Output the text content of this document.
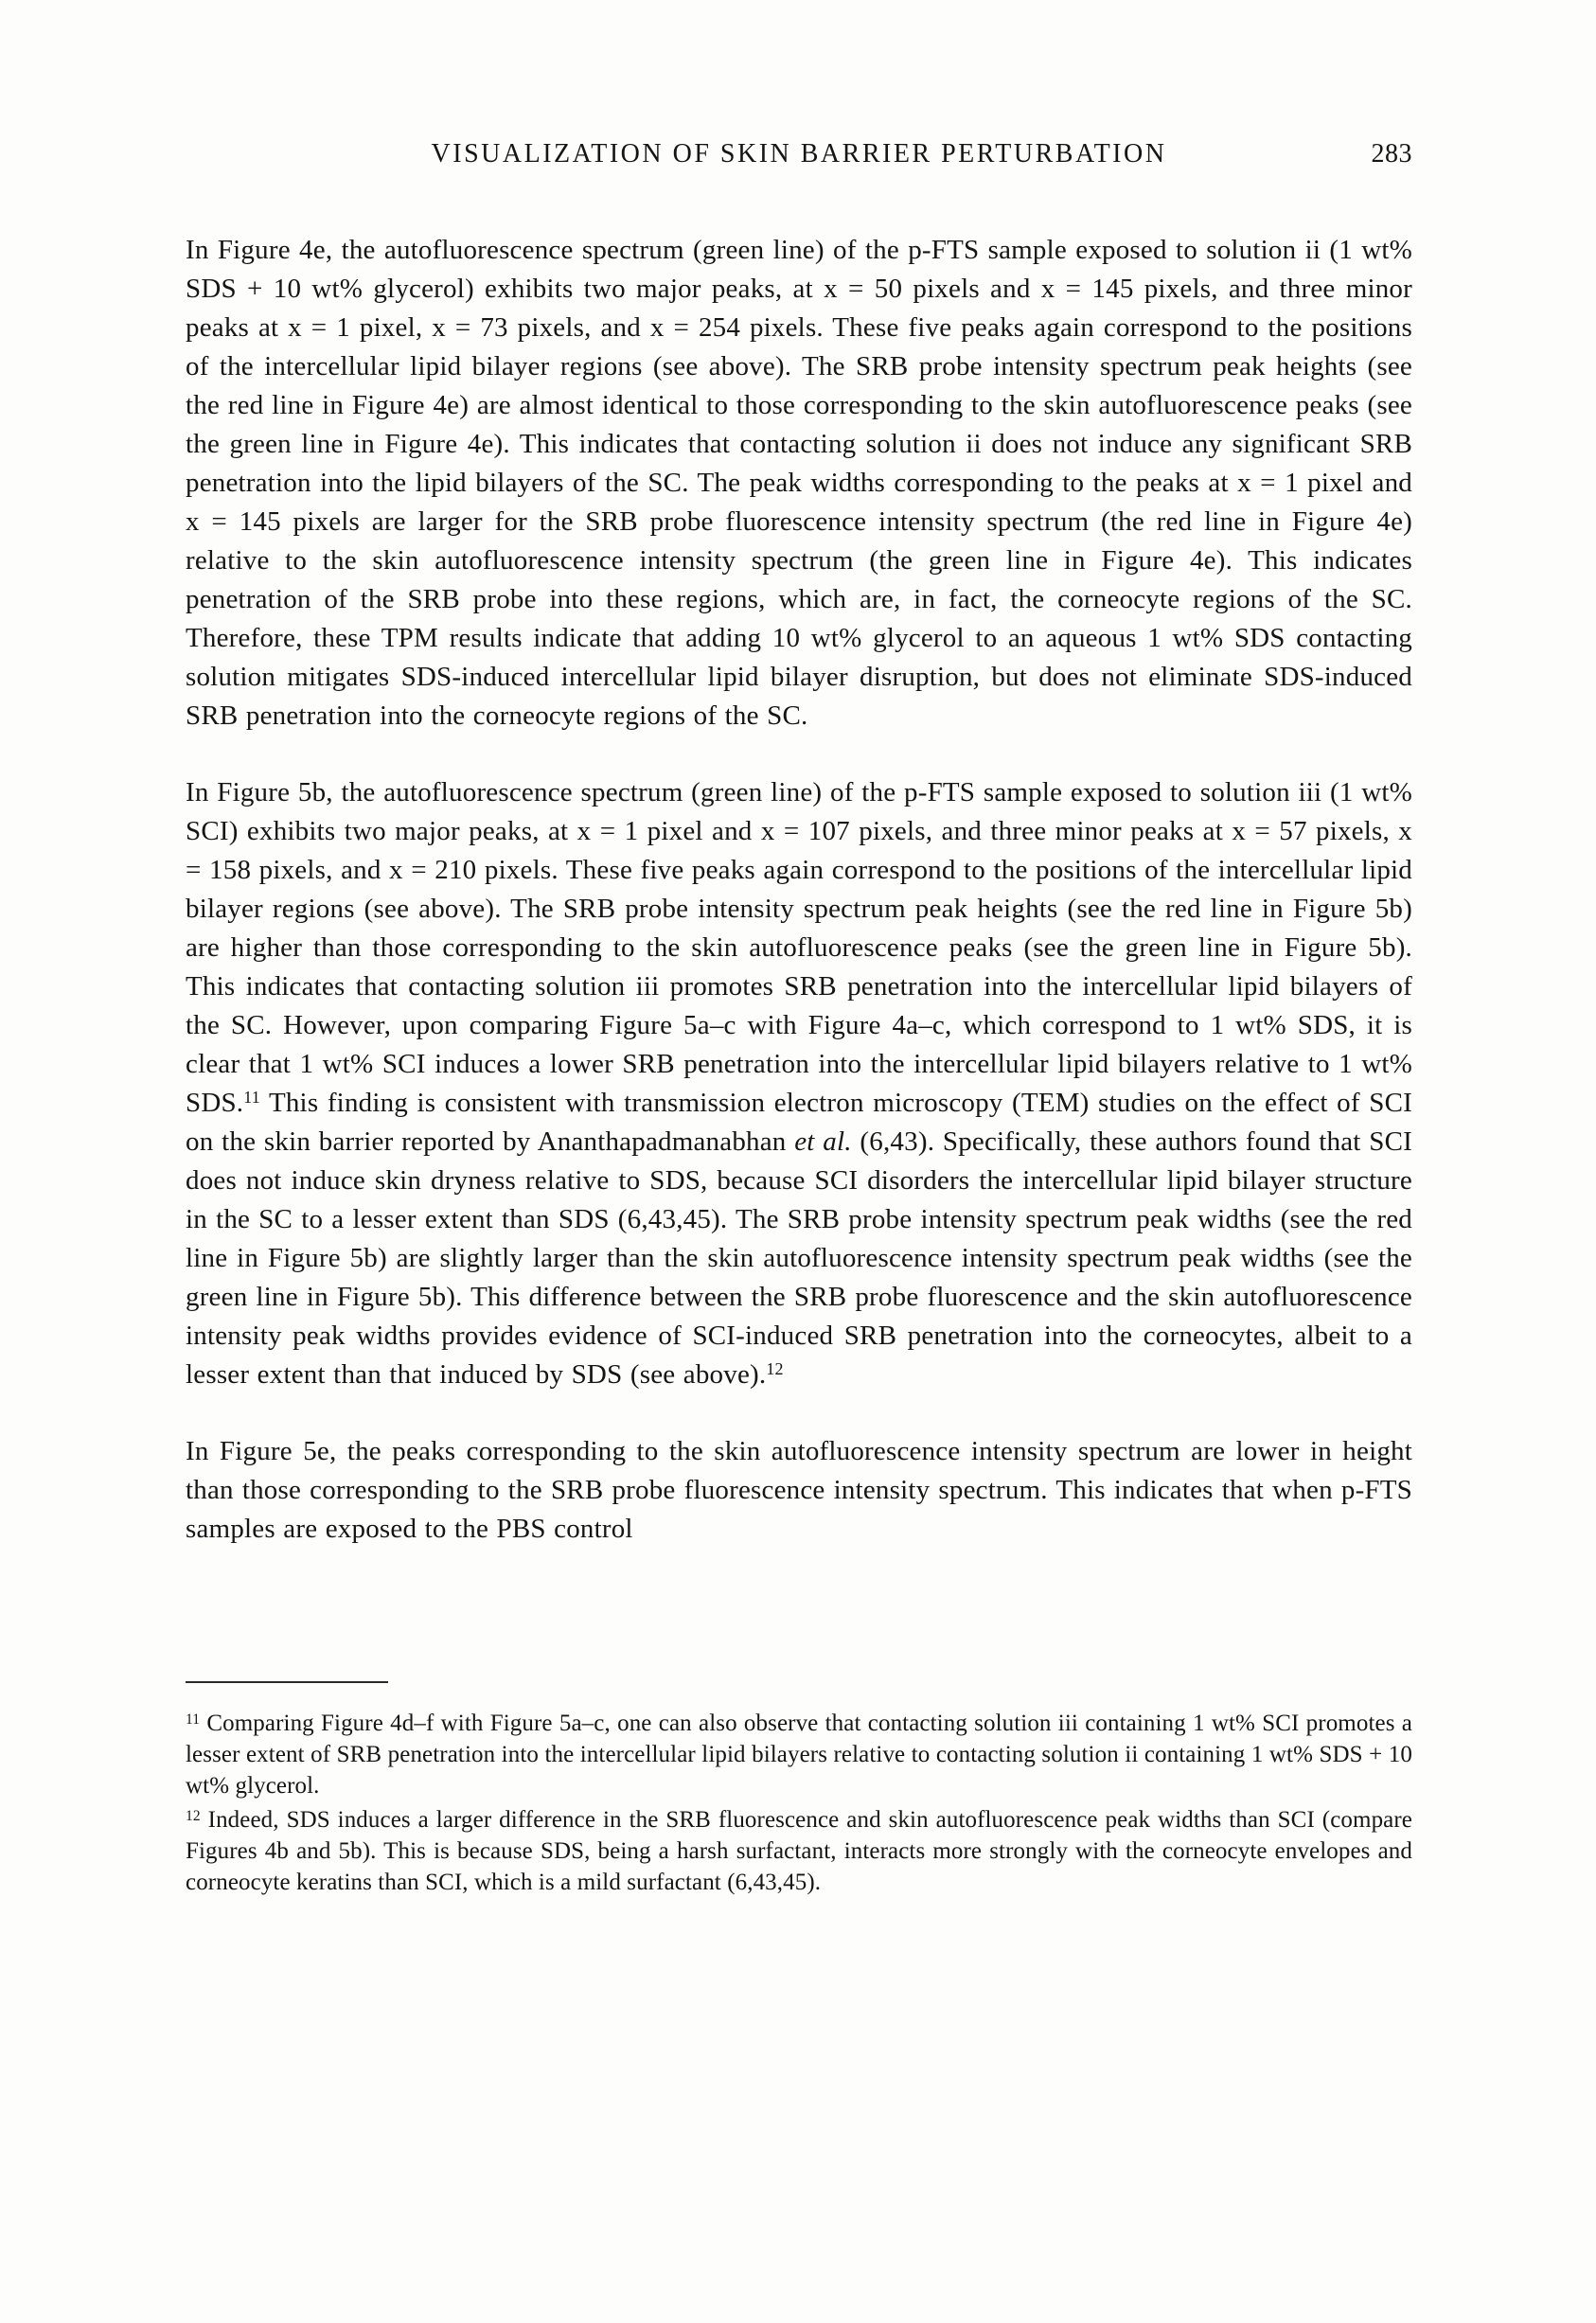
VISUALIZATION OF SKIN BARRIER PERTURBATION	283

In Figure 4e, the autofluorescence spectrum (green line) of the p-FTS sample exposed to solution ii (1 wt% SDS + 10 wt% glycerol) exhibits two major peaks, at x = 50 pixels and x = 145 pixels, and three minor peaks at x = 1 pixel, x = 73 pixels, and x = 254 pixels. These five peaks again correspond to the positions of the intercellular lipid bilayer regions (see above). The SRB probe intensity spectrum peak heights (see the red line in Figure 4e) are almost identical to those corresponding to the skin autofluorescence peaks (see the green line in Figure 4e). This indicates that contacting solution ii does not induce any significant SRB penetration into the lipid bilayers of the SC. The peak widths corresponding to the peaks at x = 1 pixel and x = 145 pixels are larger for the SRB probe fluorescence intensity spectrum (the red line in Figure 4e) relative to the skin autofluorescence intensity spectrum (the green line in Figure 4e). This indicates penetration of the SRB probe into these regions, which are, in fact, the corneocyte regions of the SC. Therefore, these TPM results indicate that adding 10 wt% glycerol to an aqueous 1 wt% SDS contacting solution mitigates SDS-induced intercellular lipid bilayer disruption, but does not eliminate SDS-induced SRB penetration into the corneocyte regions of the SC.

In Figure 5b, the autofluorescence spectrum (green line) of the p-FTS sample exposed to solution iii (1 wt% SCI) exhibits two major peaks, at x = 1 pixel and x = 107 pixels, and three minor peaks at x = 57 pixels, x = 158 pixels, and x = 210 pixels. These five peaks again correspond to the positions of the intercellular lipid bilayer regions (see above). The SRB probe intensity spectrum peak heights (see the red line in Figure 5b) are higher than those corresponding to the skin autofluorescence peaks (see the green line in Figure 5b). This indicates that contacting solution iii promotes SRB penetration into the intercellular lipid bilayers of the SC. However, upon comparing Figure 5a–c with Figure 4a–c, which correspond to 1 wt% SDS, it is clear that 1 wt% SCI induces a lower SRB penetration into the intercellular lipid bilayers relative to 1 wt% SDS.$^{11}$ This finding is consistent with transmission electron microscopy (TEM) studies on the effect of SCI on the skin barrier reported by Ananthapadmanabhan et al. (6,43). Specifically, these authors found that SCI does not induce skin dryness relative to SDS, because SCI disorders the intercellular lipid bilayer structure in the SC to a lesser extent than SDS (6,43,45). The SRB probe intensity spectrum peak widths (see the red line in Figure 5b) are slightly larger than the skin autofluorescence intensity spectrum peak widths (see the green line in Figure 5b). This difference between the SRB probe fluorescence and the skin autofluorescence intensity peak widths provides evidence of SCI-induced SRB penetration into the corneocytes, albeit to a lesser extent than that induced by SDS (see above).$^{12}$

In Figure 5e, the peaks corresponding to the skin autofluorescence intensity spectrum are lower in height than those corresponding to the SRB probe fluorescence intensity spectrum. This indicates that when p-FTS samples are exposed to the PBS control

$^{11}$ Comparing Figure 4d–f with Figure 5a–c, one can also observe that contacting solution iii containing 1 wt% SCI promotes a lesser extent of SRB penetration into the intercellular lipid bilayers relative to contacting solution ii containing 1 wt% SDS + 10 wt% glycerol.

$^{12}$ Indeed, SDS induces a larger difference in the SRB fluorescence and skin autofluorescence peak widths than SCI (compare Figures 4b and 5b). This is because SDS, being a harsh surfactant, interacts more strongly with the corneocyte envelopes and corneocyte keratins than SCI, which is a mild surfactant (6,43,45).
